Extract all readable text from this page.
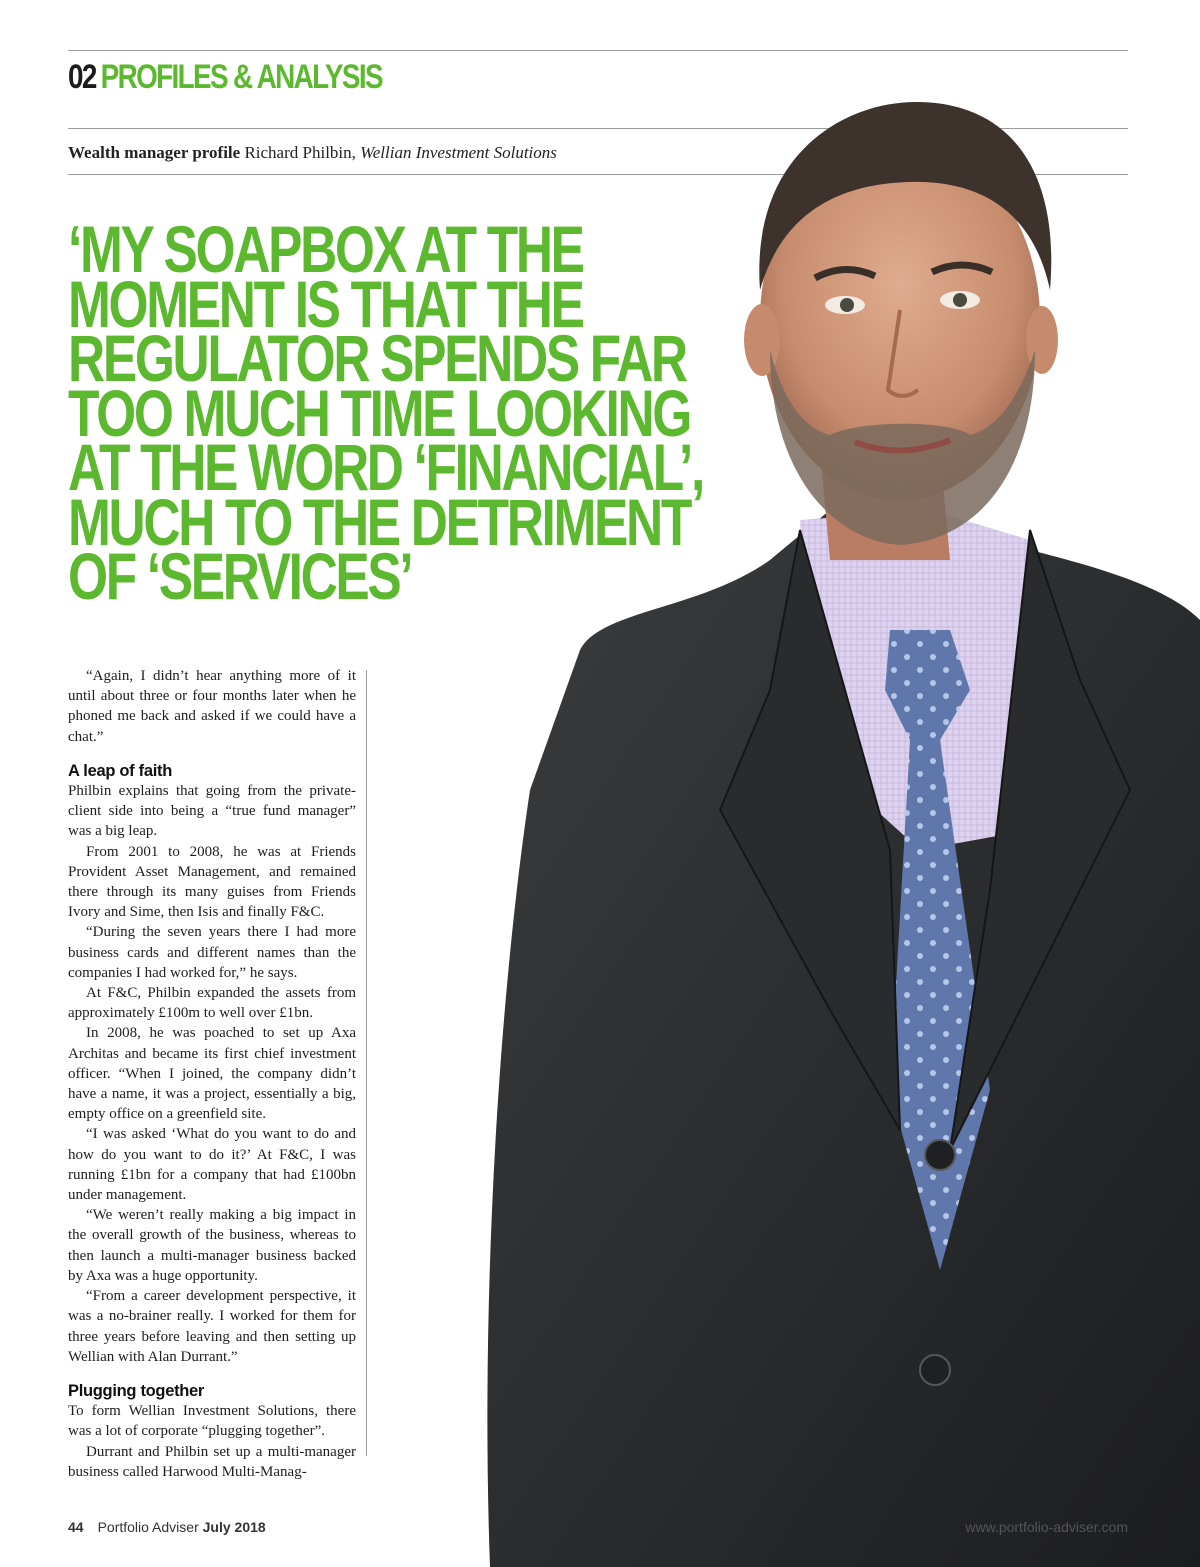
02 PROFILES & ANALYSIS
Wealth manager profile Richard Philbin, Wellian Investment Solutions
‘MY SOAPBOX AT THE
MOMENT IS THAT THE
REGULATOR SPENDS FAR
TOO MUCH TIME LOOKING
AT THE WORD ‘FINANCIAL’,
MUCH TO THE DETRIMENT
OF ‘SERVICES’

“Again, I didn’t hear anything more of it until about three or four months later when he phoned me back and asked if we could have a chat.”

A leap of faith

Philbin explains that going from the private-client side into being a “true fund manager” was a big leap.

From 2001 to 2008, he was at Friends Provident Asset Management, and remained there through its many guises from Friends Ivory and Sime, then Isis and finally F&C.

“During the seven years there I had more business cards and different names than the companies I had worked for,” he says.

At F&C, Philbin expanded the assets from approximately £100m to well over £1bn.

In 2008, he was poached to set up Axa Architas and became its first chief investment officer. “When I joined, the company didn’t have a name, it was a project, essentially a big, empty office on a greenfield site.

“I was asked ‘What do you want to do and how do you want to do it?’ At F&C, I was running £1bn for a company that had £100bn under management.

“We weren’t really making a big impact in the overall growth of the business, whereas to then launch a multi-manager business backed by Axa was a huge opportunity.

“From a career development perspective, it was a no-brainer really. I worked for them for three years before leaving and then setting up Wellian with Alan Durrant.”

Plugging together

To form Wellian Investment Solutions, there was a lot of corporate “plugging together”.

Durrant and Philbin set up a multi-manager business called Harwood Multi-Manag-

44 Portfolio Adviser July 2018	www.portfolio-adviser.com
